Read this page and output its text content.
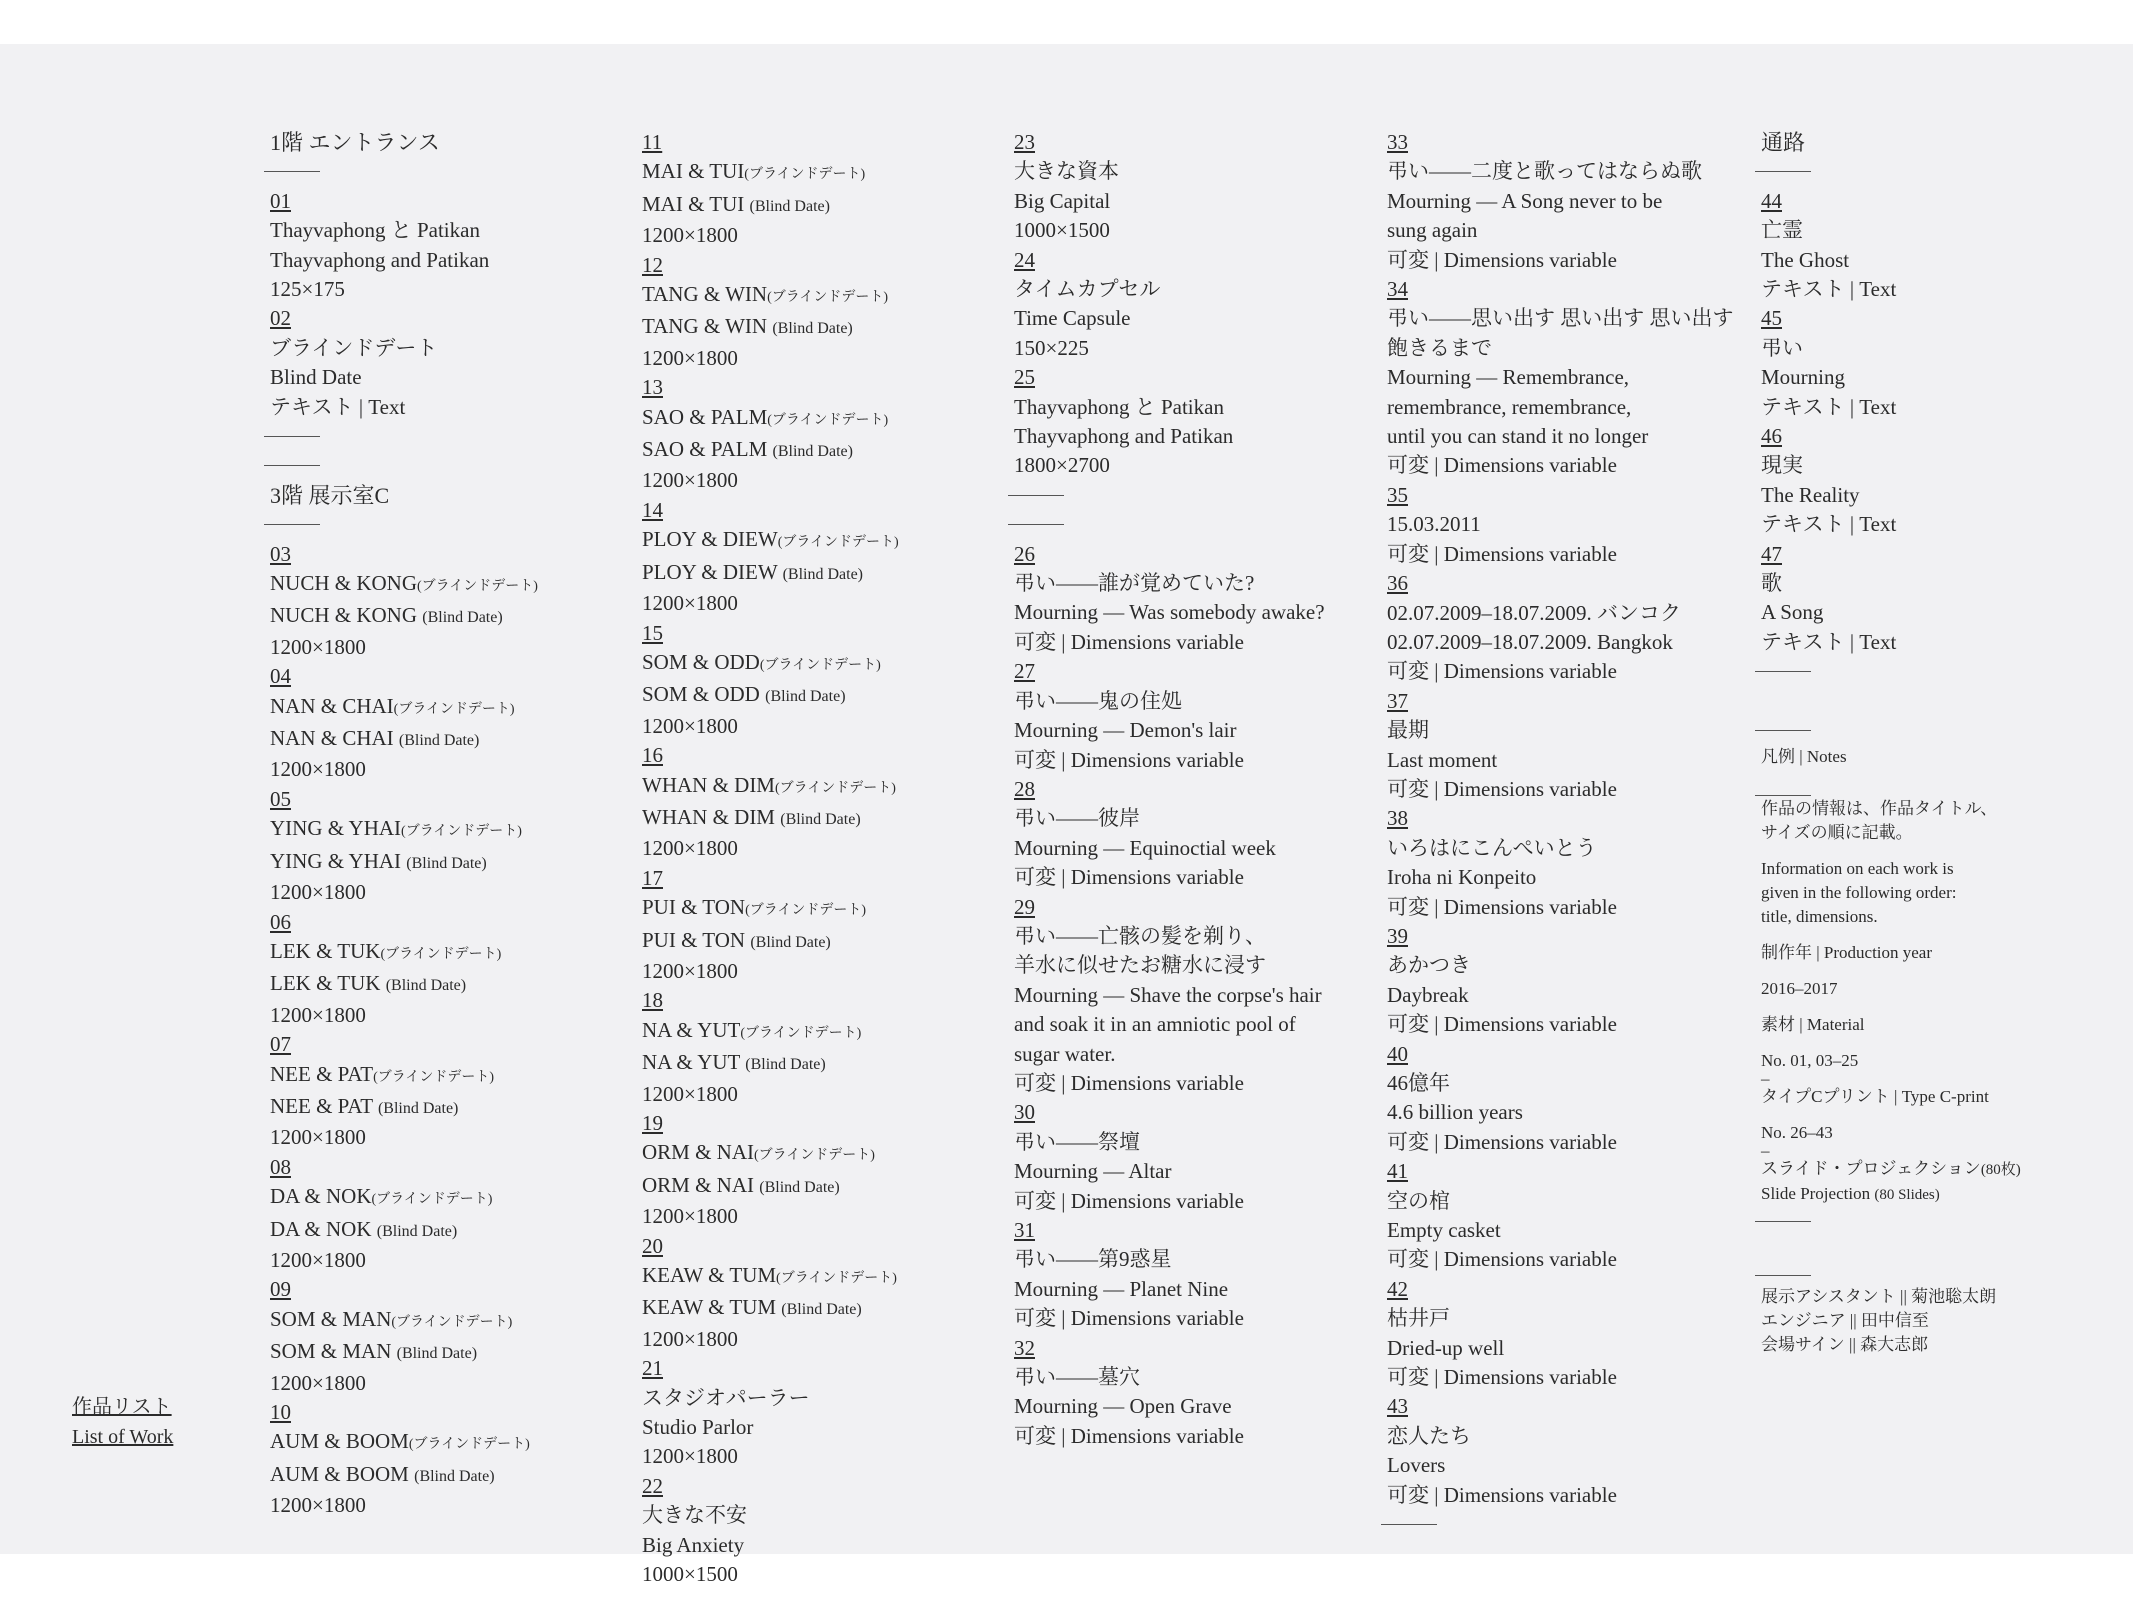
作品リスト
List of Work
1階 エントランス
01
Thayvaphong と Patikan
Thayvaphong and Patikan
125×175
02
ブラインドデート
Blind Date
テキスト | Text
3階 展示室C
03
NUCH & KONG(ブラインドデート)
NUCH & KONG (Blind Date)
1200×1800
04
NAN & CHAI(ブラインドデート)
NAN & CHAI (Blind Date)
1200×1800
05
YING & YHAI(ブラインドデート)
YING & YHAI (Blind Date)
1200×1800
06
LEK & TUK(ブラインドデート)
LEK & TUK (Blind Date)
1200×1800
07
NEE & PAT(ブラインドデート)
NEE & PAT (Blind Date)
1200×1800
08
DA & NOK(ブラインドデート)
DA & NOK (Blind Date)
1200×1800
09
SOM & MAN(ブラインドデート)
SOM & MAN (Blind Date)
1200×1800
10
AUM & BOOM(ブラインドデート)
AUM & BOOM (Blind Date)
1200×1800
11
MAI & TUI(ブラインドデート)
MAI & TUI (Blind Date)
1200×1800
12
TANG & WIN(ブラインドデート)
TANG & WIN (Blind Date)
1200×1800
13
SAO & PALM(ブラインドデート)
SAO & PALM (Blind Date)
1200×1800
14
PLOY & DIEW(ブラインドデート)
PLOY & DIEW (Blind Date)
1200×1800
15
SOM & ODD(ブラインドデート)
SOM & ODD (Blind Date)
1200×1800
16
WHAN & DIM(ブラインドデート)
WHAN & DIM (Blind Date)
1200×1800
17
PUI & TON(ブラインドデート)
PUI & TON (Blind Date)
1200×1800
18
NA & YUT(ブラインドデート)
NA & YUT (Blind Date)
1200×1800
19
ORM & NAI(ブラインドデート)
ORM & NAI (Blind Date)
1200×1800
20
KEAW & TUM(ブラインドデート)
KEAW & TUM (Blind Date)
1200×1800
21
スタジオパーラー
Studio Parlor
1200×1800
22
大きな不安
Big Anxiety
1000×1500
23
大きな資本
Big Capital
1000×1500
24
タイムカプセル
Time Capsule
150×225
25
Thayvaphong と Patikan
Thayvaphong and Patikan
1800×2700
26
弔い――誰が覚めていた?
Mourning — Was somebody awake?
可変 | Dimensions variable
27
弔い――鬼の住処
Mourning — Demon's lair
可変 | Dimensions variable
28
弔い――彼岸
Mourning — Equinoctial week
可変 | Dimensions variable
29
弔い――亡骸の髪を剃り、
羊水に似せたお糖水に浸す
Mourning — Shave the corpse's hair
and soak it in an amniotic pool of
sugar water.
可変 | Dimensions variable
30
弔い――祭壇
Mourning — Altar
可変 | Dimensions variable
31
弔い――第9惑星
Mourning — Planet Nine
可変 | Dimensions variable
32
弔い――墓穴
Mourning — Open Grave
可変 | Dimensions variable
33
弔い――二度と歌ってはならぬ歌
Mourning — A Song never to be
sung again
可変 | Dimensions variable
34
弔い――思い出す 思い出す 思い出す
飽きるまで
Mourning — Remembrance,
remembrance, remembrance,
until you can stand it no longer
可変 | Dimensions variable
35
15.03.2011
可変 | Dimensions variable
36
02.07.2009–18.07.2009. バンコク
02.07.2009–18.07.2009. Bangkok
可変 | Dimensions variable
37
最期
Last moment
可変 | Dimensions variable
38
いろはにこんぺいとう
Iroha ni Konpeito
可変 | Dimensions variable
39
あかつき
Daybreak
可変 | Dimensions variable
40
46億年
4.6 billion years
可変 | Dimensions variable
41
空の棺
Empty casket
可変 | Dimensions variable
42
枯井戸
Dried-up well
可変 | Dimensions variable
43
恋人たち
Lovers
可変 | Dimensions variable
通路
44
亡霊
The Ghost
テキスト | Text
45
弔い
Mourning
テキスト | Text
46
現実
The Reality
テキスト | Text
47
歌
A Song
テキスト | Text
凡例 | Notes
作品の情報は、作品タイトル、
サイズの順に記載。
Information on each work is
given in the following order:
title, dimensions.
制作年 | Production year
2016–2017
素材 | Material
No. 01, 03–25
–
タイプCプリント | Type C-print
No. 26–43
–
スライド・プロジェクション(80枚)
Slide Projection (80 Slides)
展示アシスタント || 菊池聡太朗
エンジニア || 田中信至
会場サイン || 森大志郎
